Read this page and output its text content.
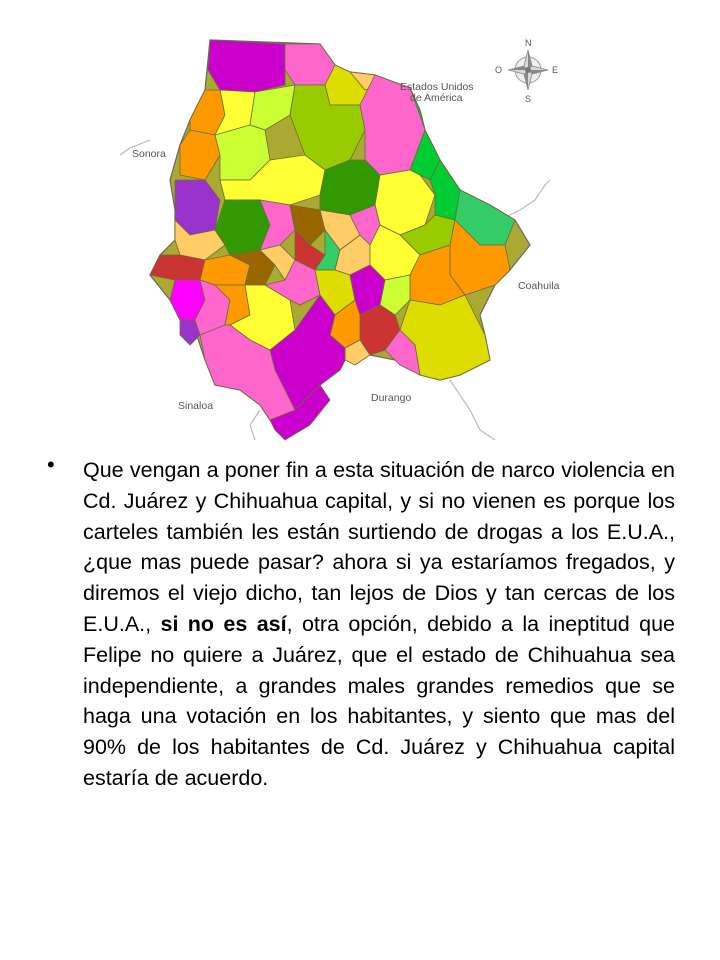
Estados Unidos
de América
Sonora
Coahuila
Sinaloa
Durango
N
S
E
O
• Que vengan a poner fin a esta situación de narco violencia en Cd. Juárez y Chihuahua capital, y si no vienen es porque los carteles también les están surtiendo de drogas a los E.U.A., ¿que mas puede pasar? ahora si ya estaríamos fregados, y diremos el viejo dicho, tan lejos de Dios y tan cercas de los E.U.A., si no es así, otra opción, debido a la ineptitud que Felipe no quiere a Juárez, que el estado de Chihuahua sea independiente, a grandes males grandes remedios que se haga una votación en los habitantes, y siento que mas del 90% de los habitantes de Cd. Juárez y Chihuahua capital estaría de acuerdo.
